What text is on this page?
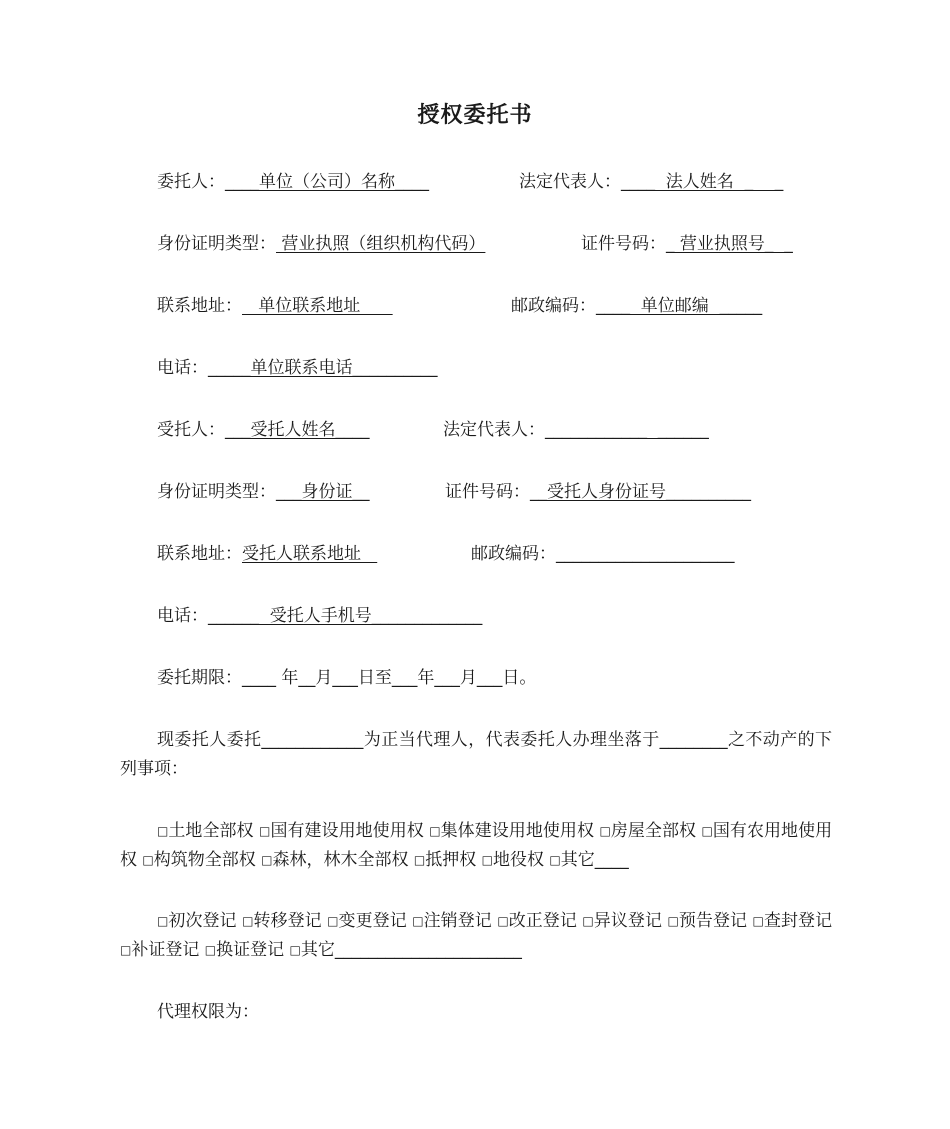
授权委托书
委托人：____单位（公司）名称____	法定代表人：____  法人姓名  _    _
身份证明类型： 营业执照（组织机构代码）	证件号码：_ 营业执照号_  _
联系地址：   单位联系地址	邮政编码：____  单位邮编  _____
电话：_____单位联系电话__________
受托人：___受托人姓名____	法定代表人：____________  ______
身份证明类型：___身份证__	证件号码：__受托人身份证号__________
联系地址：受托人联系地址	邮政编码：_____________________
电话：______  受托人手机号_____________
委托期限：____ 年__月___日至___年___月___日。
现委托人委托____________为正当代理人，代表委托人办理坐落于________之不动产的下列事项：
□土地全部权 □国有建设用地使用权 □集体建设用地使用权 □房屋全部权 □国有农用地使用权 □构筑物全部权 □森林，林木全部权 □抵押权 □地役权 □其它____
□初次登记 □转移登记 □变更登记 □注销登记 □改正登记 □异议登记 □预告登记 □查封登记 □补证登记 □换证登记 □其它______________________
代理权限为：
